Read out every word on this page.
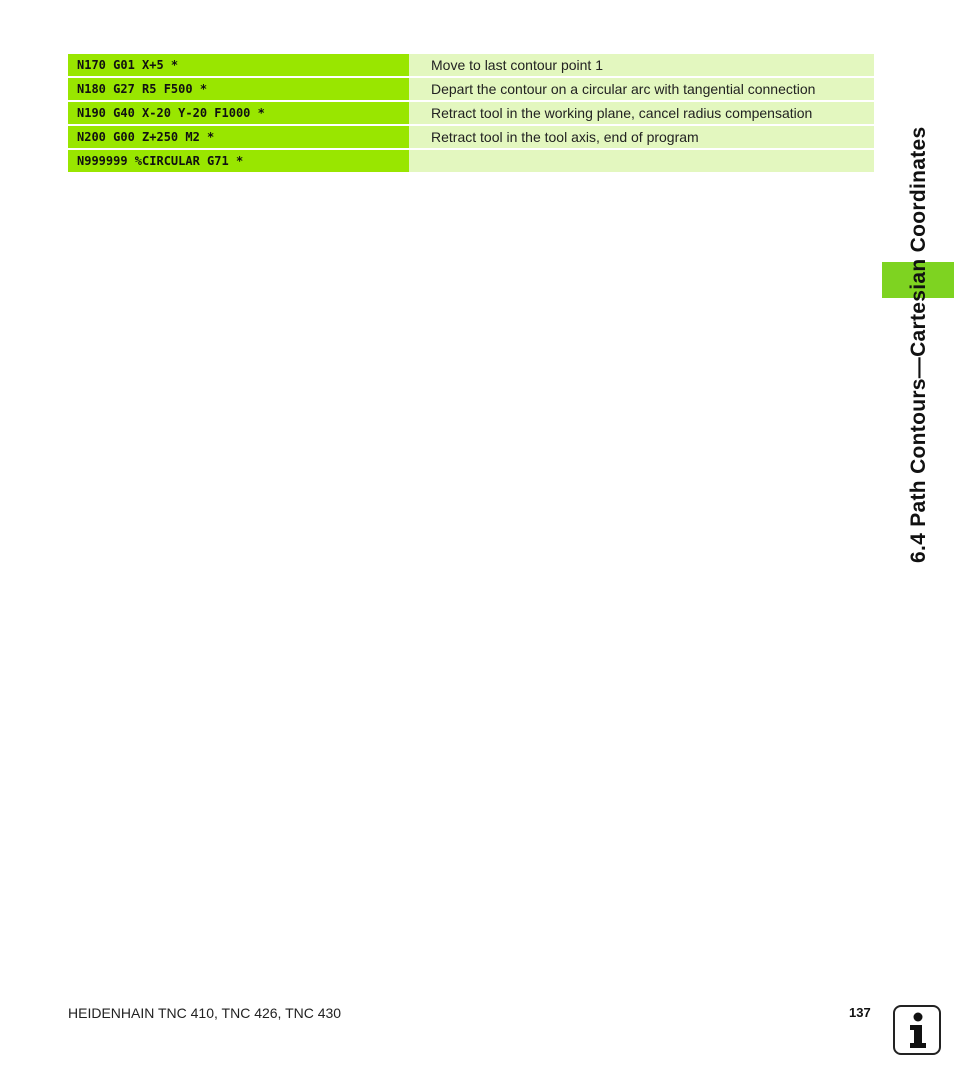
N170 G01 X+5 *	Move to last contour point 1
N180 G27 R5 F500 *	Depart the contour on a circular arc with tangential connection
N190 G40 X-20 Y-20 F1000 *	Retract tool in the working plane, cancel radius compensation
N200 G00 Z+250 M2 *	Retract tool in the tool axis, end of program
N999999 %CIRCULAR G71 *	6.4 Path Contours—Cartesian Coordinates
HEIDENHAIN TNC 410, TNC 426, TNC 430	137
